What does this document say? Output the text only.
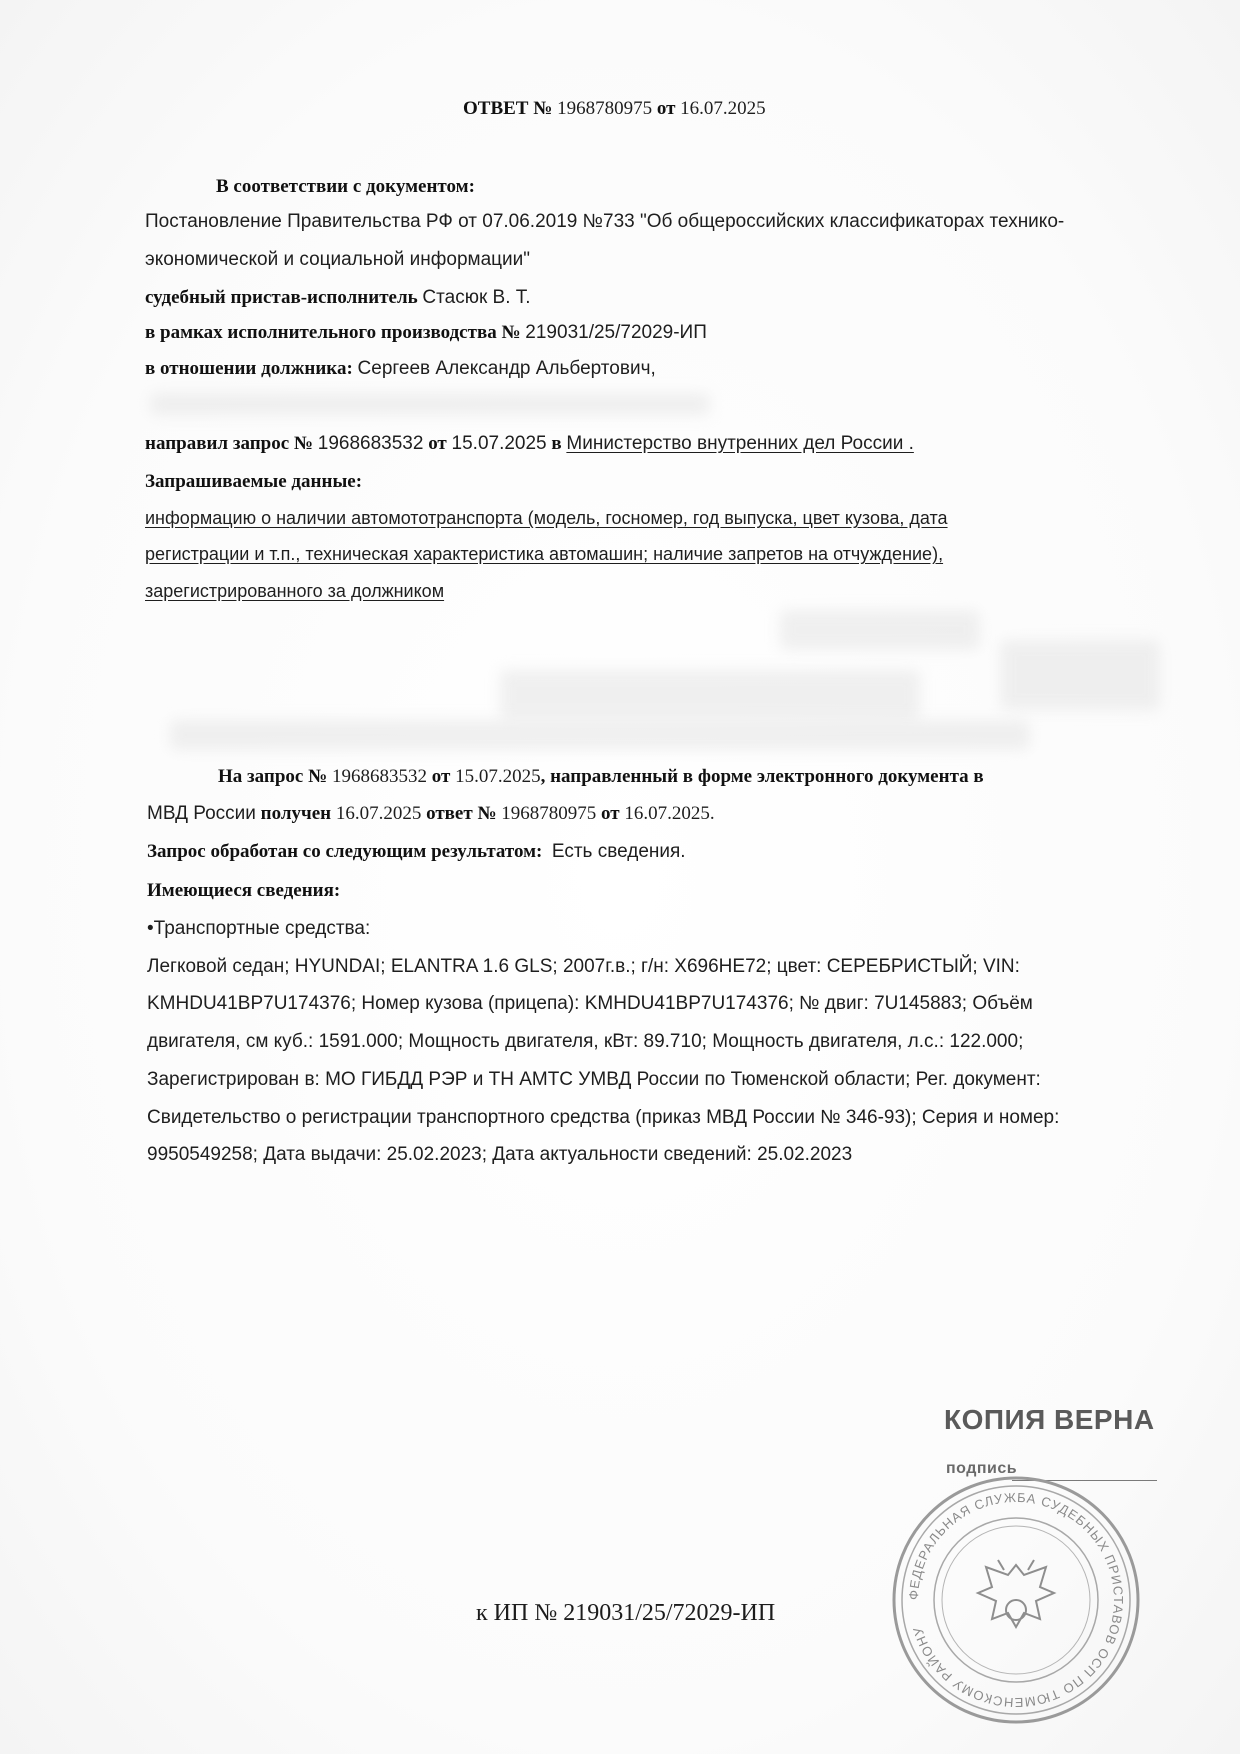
ОТВЕТ № 1968780975 от 16.07.2025
В соответствии с документом:
Постановление Правительства РФ от 07.06.2019 №733 "Об общероссийских классификаторах технико-
экономической и социальной информации"
судебный пристав-исполнитель Стасюк В. Т.
в рамках исполнительного производства № 219031/25/72029-ИП
в отношении должника: Сергеев Александр Альбертович,
направил запрос № 1968683532 от 15.07.2025 в Министерство внутренних дел России .
Запрашиваемые данные:
информацию о наличии автомототранспорта (модель, госномер, год выпуска, цвет кузова, дата
регистрации и т.п., техническая характеристика автомашин; наличие запретов на отчуждение),
зарегистрированного за должником
На запрос № 1968683532 от 15.07.2025, направленный в форме электронного документа в
МВД России получен 16.07.2025 ответ № 1968780975 от 16.07.2025.
Запрос обработан со следующим результатом: Есть сведения.
Имеющиеся сведения:
•Транспортные средства:
Легковой седан; HYUNDAI; ELANTRA 1.6 GLS; 2007г.в.; г/н: Х696НЕ72; цвет: СЕРЕБРИСТЫЙ; VIN:
KMHDU41BP7U174376; Номер кузова (прицепа): KMHDU41BP7U174376; № двиг: 7U145883; Объём
двигателя, см куб.: 1591.000; Мощность двигателя, кВт: 89.710; Мощность двигателя, л.с.: 122.000;
Зарегистрирован в: МО ГИБДД РЭР и ТН АМТС УМВД России по Тюменской области; Рег. документ:
Свидетельство о регистрации транспортного средства (приказ МВД России № 346-93); Серия и номер:
9950549258; Дата выдачи: 25.02.2023; Дата актуальности сведений: 25.02.2023
КОПИЯ ВЕРНА
подпись
ФЕДЕРАЛЬНАЯ СЛУЖБА СУДЕБНЫХ ПРИСТАВОВ ОСП ПО ТЮМЕНСКОМУ РАЙОНУ
к ИП № 219031/25/72029-ИП
